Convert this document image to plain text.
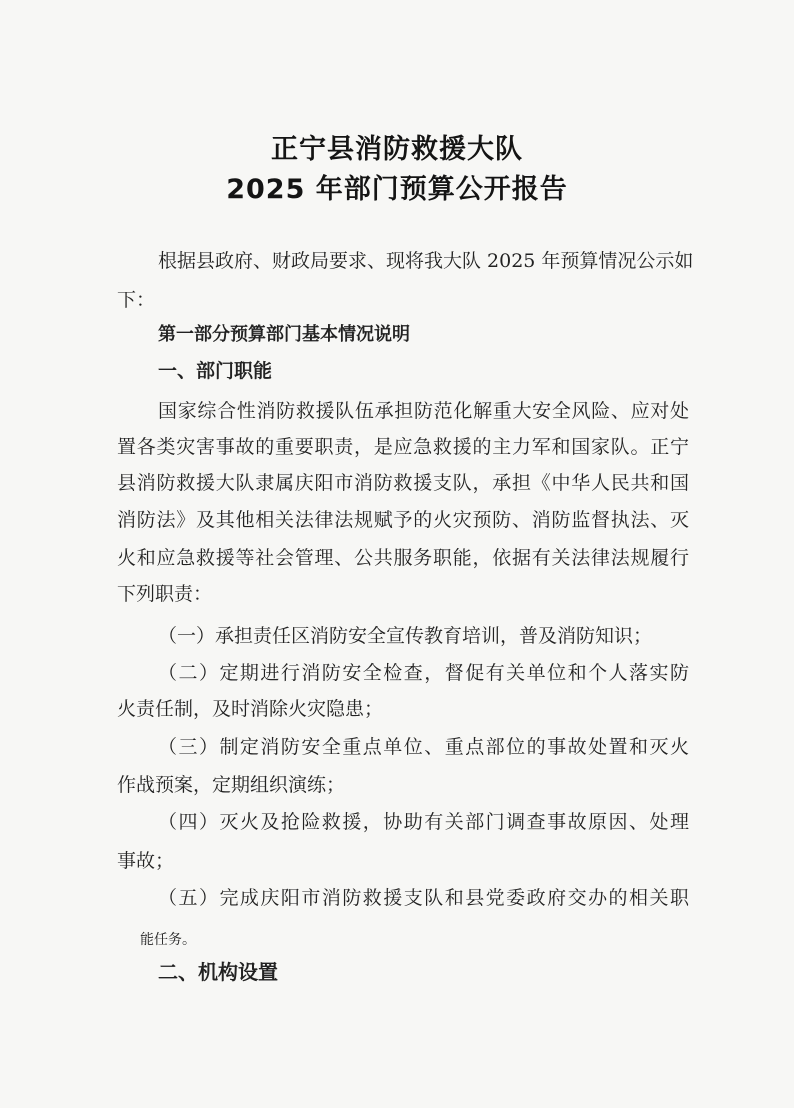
正宁县消防救援大队
2025 年部门预算公开报告
根据县政府、财政局要求、现将我大队 2025 年预算情况公示如
下：
第一部分预算部门基本情况说明
一、部门职能
国家综合性消防救援队伍承担防范化解重大安全风险、应对处
置各类灾害事故的重要职责，是应急救援的主力军和国家队。正宁
县消防救援大队隶属庆阳市消防救援支队，承担《中华人民共和国
消防法》及其他相关法律法规赋予的火灾预防、消防监督执法、灭
火和应急救援等社会管理、公共服务职能，依据有关法律法规履行
下列职责：
（一）承担责任区消防安全宣传教育培训，普及消防知识；
（二）定期进行消防安全检查，督促有关单位和个人落实防
火责任制，及时消除火灾隐患；
（三）制定消防安全重点单位、重点部位的事故处置和灭火
作战预案，定期组织演练；
（四）灭火及抢险救援，协助有关部门调查事故原因、处理
事故；
（五）完成庆阳市消防救援支队和县党委政府交办的相关职
能任务。
二、机构设置
